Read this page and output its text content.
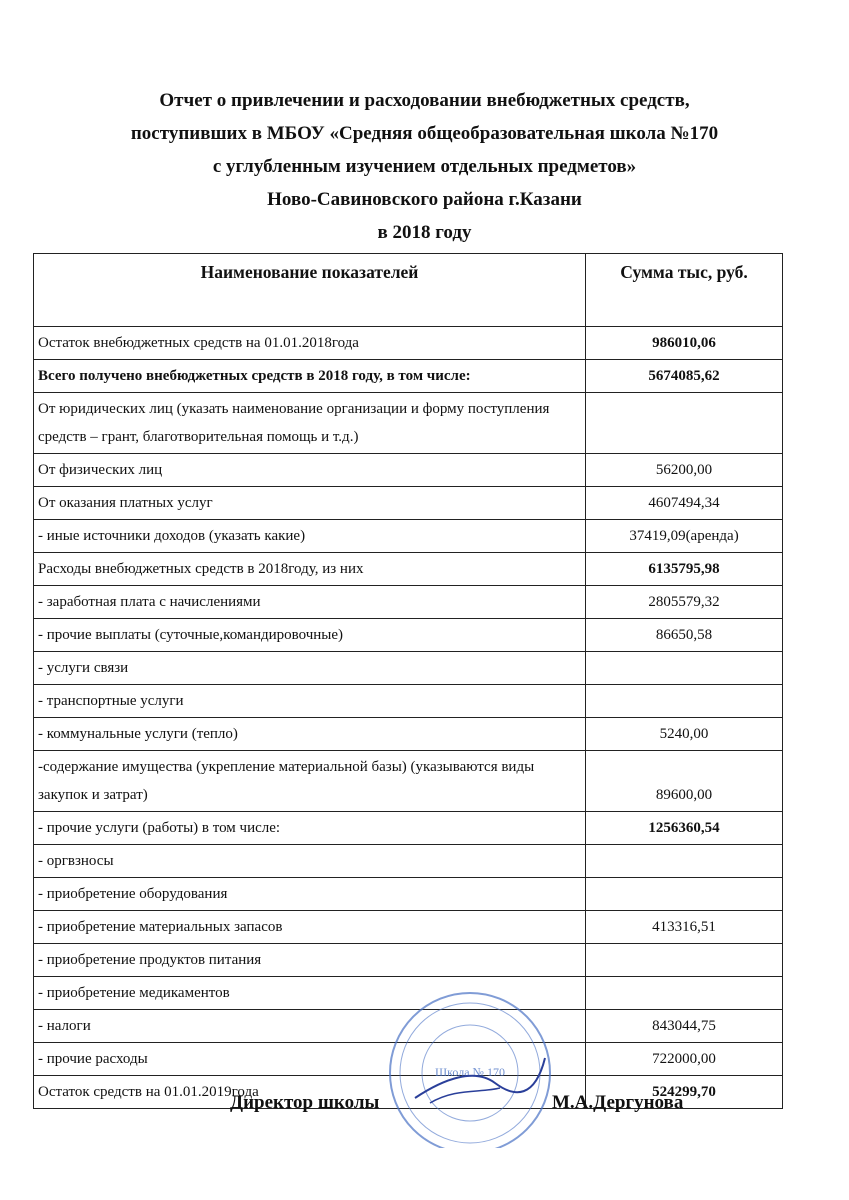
Отчет о привлечении и расходовании внебюджетных средств,
поступивших в МБОУ «Средняя общеобразовательная школа №170
с углубленным изучением отдельных предметов»
Ново-Савиновского района г.Казани
в 2018 году
Наименование показателей	Сумма тыс, руб.
Остаток внебюджетных средств на 01.01.2018года	986010,06
Всего получено внебюджетных средств в 2018 году, в том числе:	5674085,62
От юридических лиц (указать наименование организации и форму поступления средств – грант, благотворительная помощь и т.д.)	
От физических лиц	56200,00
От оказания платных услуг	4607494,34
- иные источники доходов (указать какие)	37419,09(аренда)
Расходы внебюджетных средств в 2018году, из них	6135795,98
- заработная плата с начислениями	2805579,32
- прочие выплаты (суточные,командировочные)	86650,58
- услуги связи	
- транспортные услуги	
- коммунальные услуги (тепло)	5240,00
-содержание имущества (укрепление материальной базы) (указываются виды закупок и затрат)	89600,00
- прочие услуги (работы) в том числе:	1256360,54
- оргвзносы	
- приобретение оборудования	
- приобретение материальных запасов	413316,51
- приобретение продуктов питания	
- приобретение медикаментов	
- налоги	843044,75
- прочие расходы	722000,00
Остаток средств на 01.01.2019года	524299,70
Директор школы	М.А.Дергунова
Школа № 170
